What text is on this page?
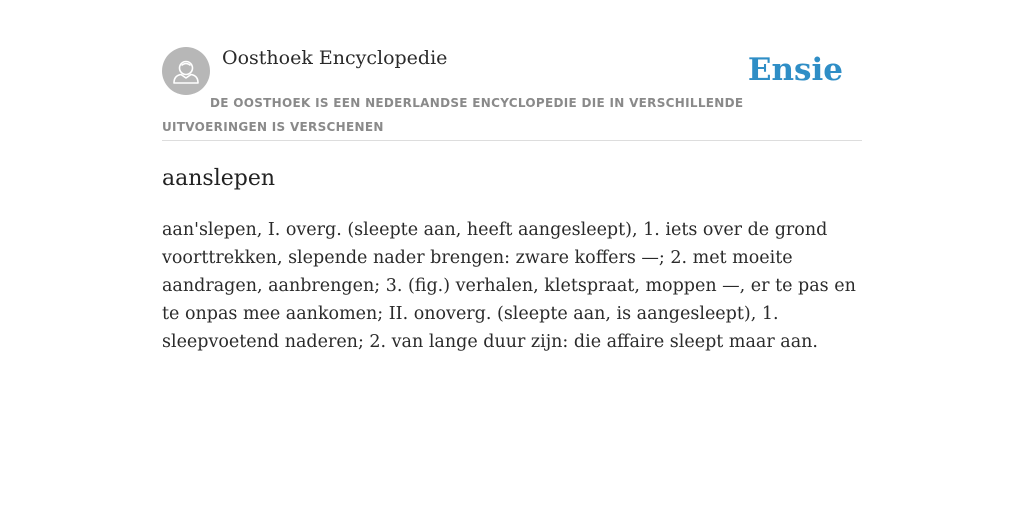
Oosthoek Encyclopedie	Ensie
DE OOSTHOEK IS EEN NEDERLANDSE ENCYCLOPEDIE DIE IN VERSCHILLENDE UITVOERINGEN IS VERSCHENEN
aanslepen

aan'slepen, I. overg. (sleepte aan, heeft aangesleept), 1. iets over de grond voorttrekken, slepende nader brengen: zware koffers —; 2. met moeite aandragen, aanbrengen; 3. (fig.) verhalen, kletspraat, moppen —, er te pas en te onpas mee aankomen; II. onoverg. (sleepte aan, is aangesleept), 1. sleepvoetend naderen; 2. van lange duur zijn: die affaire sleept maar aan.
